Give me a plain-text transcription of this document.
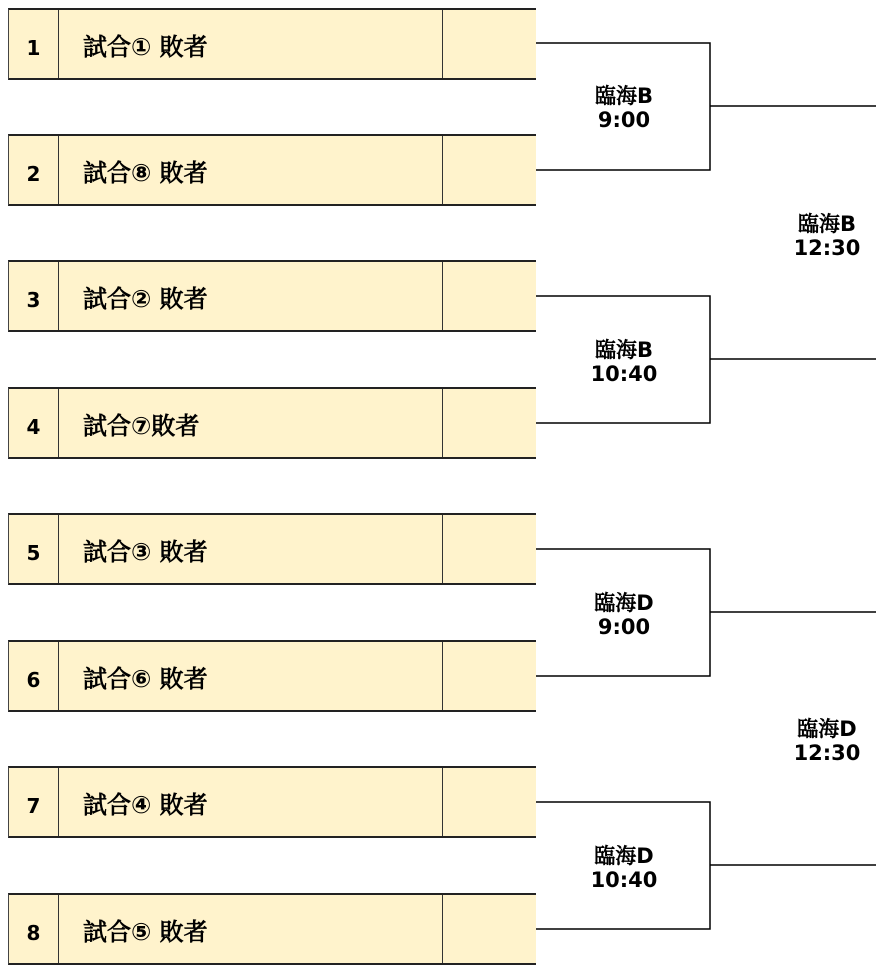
1	試合① 敗者
2	試合⑧ 敗者
3	試合② 敗者
4	試合⑦敗者
5	試合③ 敗者
6	試合⑥ 敗者
7	試合④ 敗者
8	試合⑤ 敗者
臨海B
9:00
臨海B
10:40
臨海D
9:00
臨海D
10:40
臨海B
12:30
臨海D
12:30
